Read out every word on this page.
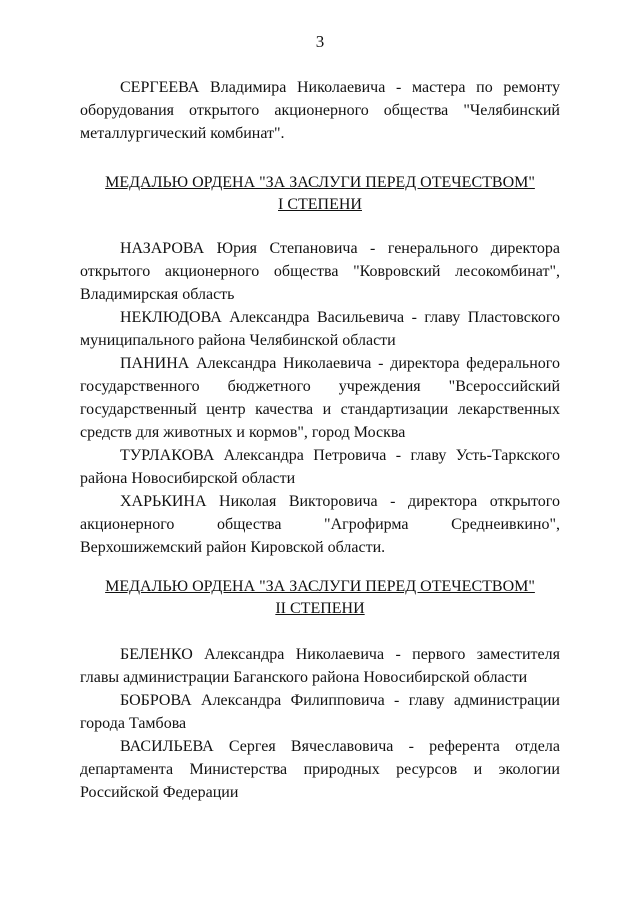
3
СЕРГЕЕВА Владимира Николаевича - мастера по ремонту
оборудования открытого акционерного общества "Челябинский
металлургический комбинат".
МЕДАЛЬЮ ОРДЕНА "ЗА ЗАСЛУГИ ПЕРЕД ОТЕЧЕСТВОМ"
I СТЕПЕНИ
НАЗАРОВА Юрия Степановича - генерального директора
открытого акционерного общества "Ковровский лесокомбинат",
Владимирская область
НЕКЛЮДОВА Александра Васильевича - главу Пластовского
муниципального района Челябинской области
ПАНИНА Александра Николаевича - директора федерального
государственного бюджетного учреждения "Всероссийский
государственный центр качества и стандартизации лекарственных
средств для животных и кормов", город Москва
ТУРЛАКОВА Александра Петровича - главу Усть-Таркского
района Новосибирской области
ХАРЬКИНА Николая Викторовича - директора открытого
акционерного	общества	"Агрофирма	Среднеивкино",
Верхошижемский район Кировской области.
МЕДАЛЬЮ ОРДЕНА "ЗА ЗАСЛУГИ ПЕРЕД ОТЕЧЕСТВОМ"
II СТЕПЕНИ
БЕЛЕНКО Александра Николаевича - первого заместителя
главы администрации Баганского района Новосибирской области
БОБРОВА Александра Филипповича - главу администрации
города Тамбова
ВАСИЛЬЕВА Сергея Вячеславовича - референта отдела
департамента Министерства природных ресурсов и экологии
Российской Федерации
